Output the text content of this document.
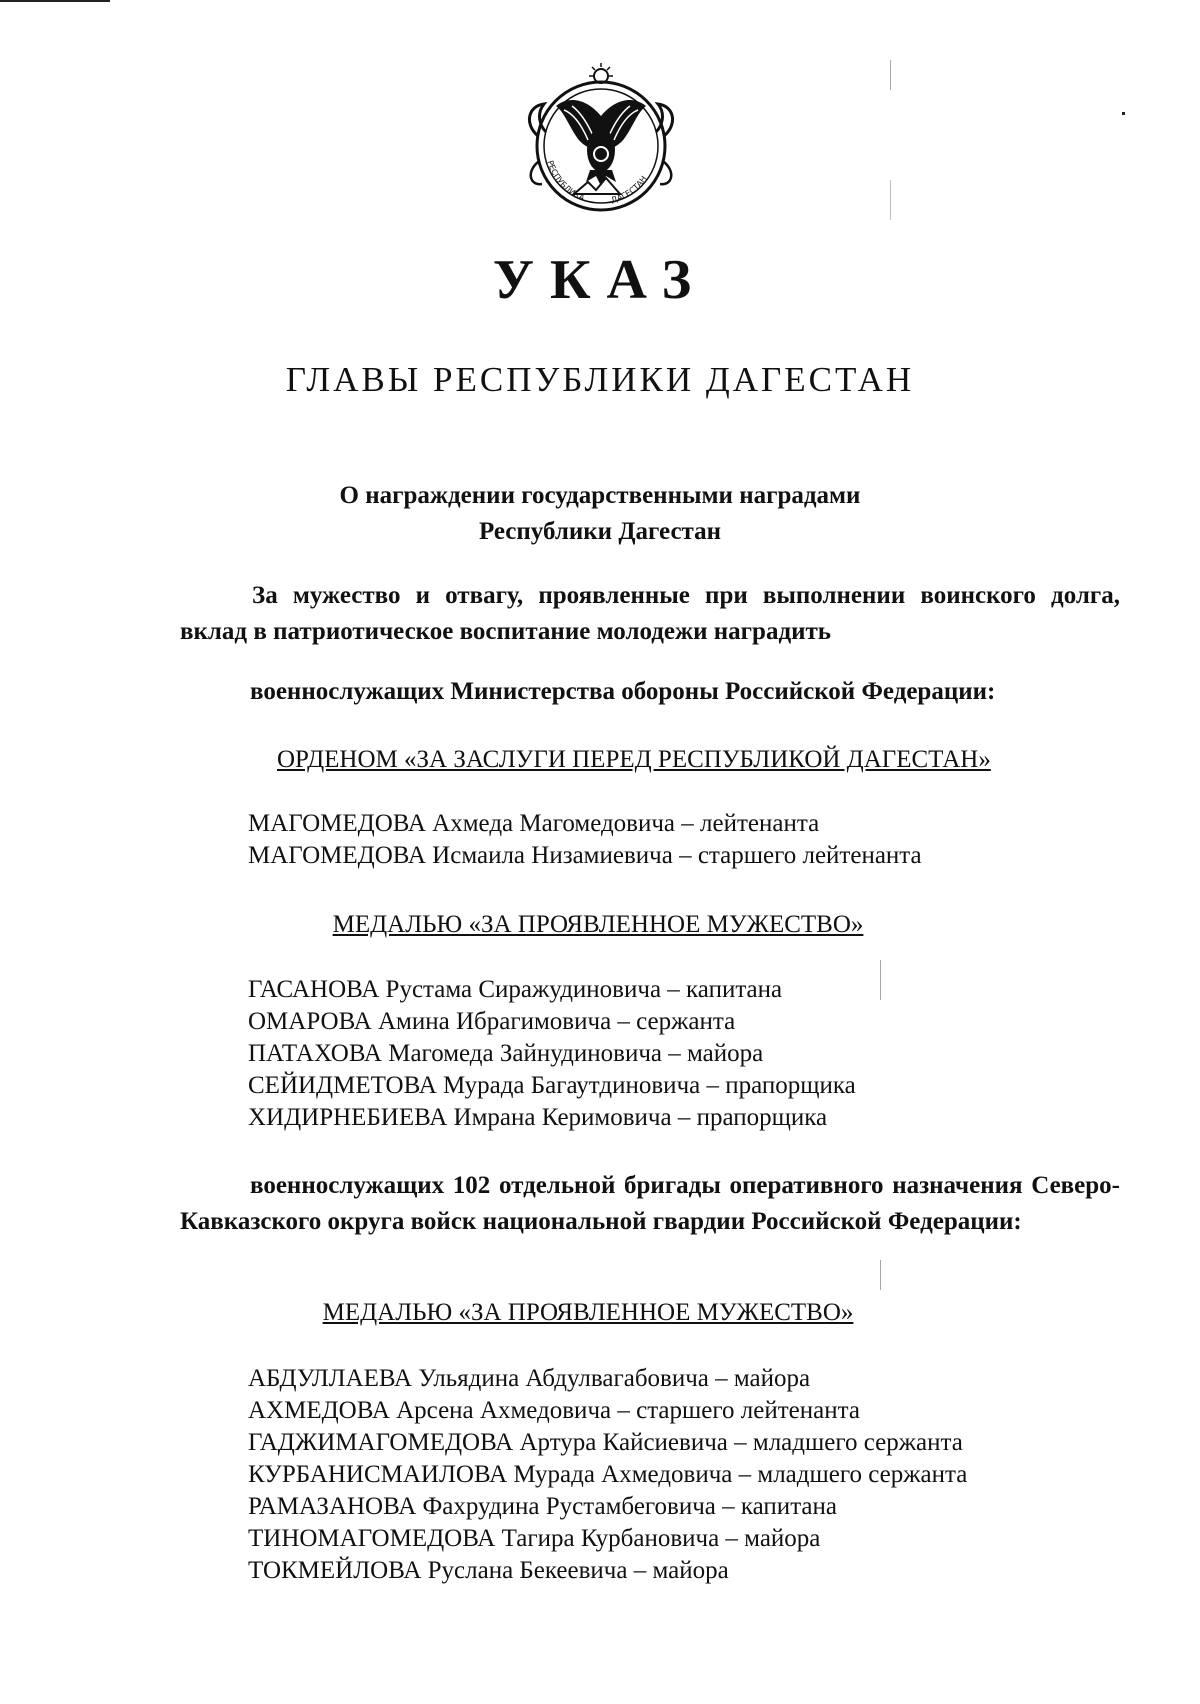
РЕСПУБЛИКА	ДАГЕСТАН
УКАЗ
ГЛАВЫ РЕСПУБЛИКИ ДАГЕСТАН
О награждении государственными наградами
Республики Дагестан
За мужество и отвагу, проявленные при выполнении воинского долга, вклад в патриотическое воспитание молодежи наградить
военнослужащих Министерства обороны Российской Федерации:
ОРДЕНОМ «ЗА ЗАСЛУГИ ПЕРЕД РЕСПУБЛИКОЙ ДАГЕСТАН»
МАГОМЕДОВА Ахмеда Магомедовича – лейтенанта
МАГОМЕДОВА Исмаила Низамиевича – старшего лейтенанта
МЕДАЛЬЮ «ЗА ПРОЯВЛЕННОЕ МУЖЕСТВО»
ГАСАНОВА Рустама Сиражудиновича – капитана
ОМАРОВА Амина Ибрагимовича – сержанта
ПАТАХОВА Магомеда Зайнудиновича – майора
СЕЙИДМЕТОВА Мурада Багаутдиновича – прапорщика
ХИДИРНЕБИЕВА Имрана Керимовича – прапорщика
военнослужащих 102 отдельной бригады оперативного назначения Северо-Кавказского округа войск национальной гвардии Российской Федерации:
МЕДАЛЬЮ «ЗА ПРОЯВЛЕННОЕ МУЖЕСТВО»
АБДУЛЛАЕВА Ульядина Абдулвагабовича – майора
АХМЕДОВА Арсена Ахмедовича – старшего лейтенанта
ГАДЖИМАГОМЕДОВА Артура Кайсиевича – младшего сержанта
КУРБАНИСМАИЛОВА Мурада Ахмедовича – младшего сержанта
РАМАЗАНОВА Фахрудина Рустамбеговича – капитана
ТИНОМАГОМЕДОВА Тагира Курбановича – майора
ТОКМЕЙЛОВА Руслана Бекеевича – майора
